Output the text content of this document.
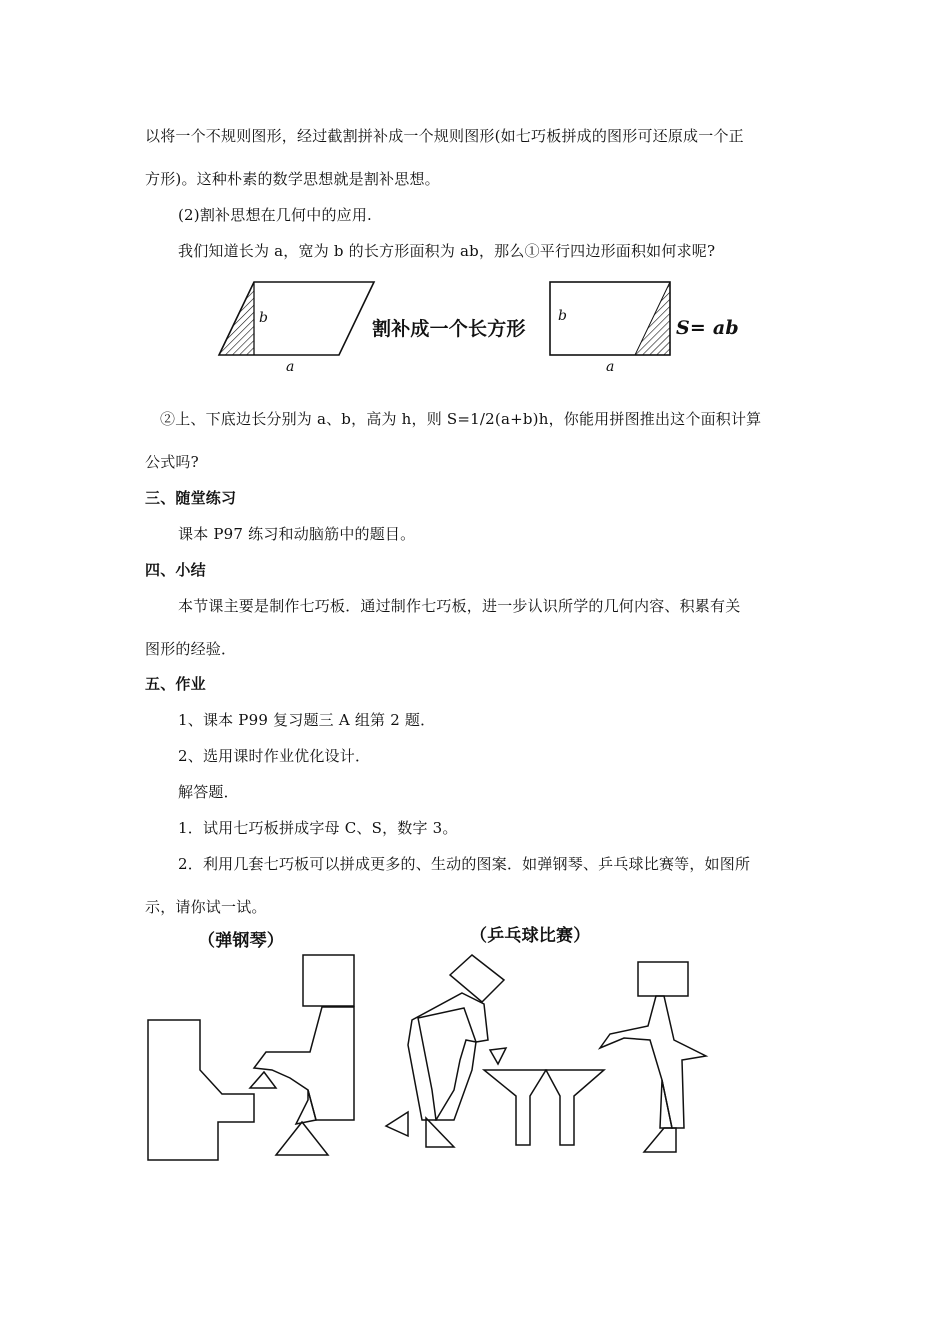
以将一个不规则图形，经过截割拼补成一个规则图形(如七巧板拼成的图形可还原成一个正
方形)。这种朴素的数学思想就是割补思想。
(2)割补思想在几何中的应用.
我们知道长为 a，宽为 b 的长方形面积为 ab，那么①平行四边形面积如何求呢?
b
a
割补成一个长方形
b
a
S= ab
②上、下底边长分别为 a、b，高为 h，则 S=1/2(a+b)h，你能用拼图推出这个面积计算
公式吗?
三、随堂练习
课本 P97 练习和动脑筋中的题目。
四、小结
本节课主要是制作七巧板．通过制作七巧板，进一步认识所学的几何内容、积累有关
图形的经验．
五、作业
1、课本 P99 复习题三 A 组第 2 题．
2、选用课时作业优化设计．
解答题．
1．试用七巧板拼成字母 C、S，数字 3。
2．利用几套七巧板可以拼成更多的、生动的图案．如弹钢琴、乒乓球比赛等，如图所
示，请你试一试。
（弹钢琴）	（乒乓球比赛）
